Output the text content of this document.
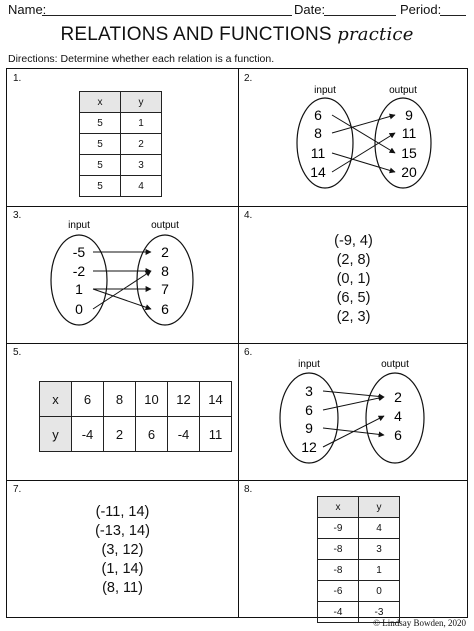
Name:	Date:	Period:
RELATIONS AND FUNCTIONS practice
Directions: Determine whether each relation is a function.
1.
x	y
5	1
5	2
5	3
5	4
2.
input	output
6
8
11
14
9
11
15
20
3.
input	output
-5
-2
1
0
2
8
7
6
4.
(-9, 4)
(2, 8)
(0, 1)
(6, 5)
(2, 3)
5.
x	6	8	10	12	14
y	-4	2	6	-4	11
6.
input	output
3
6
9
12
2
4
6
7.
(-11, 14)
(-13, 14)
(3, 12)
(1, 14)
(8, 11)
8.
x	y
-9	4
-8	3
-8	1
-6	0
-4	-3
© Lindsay Bowden, 2020
